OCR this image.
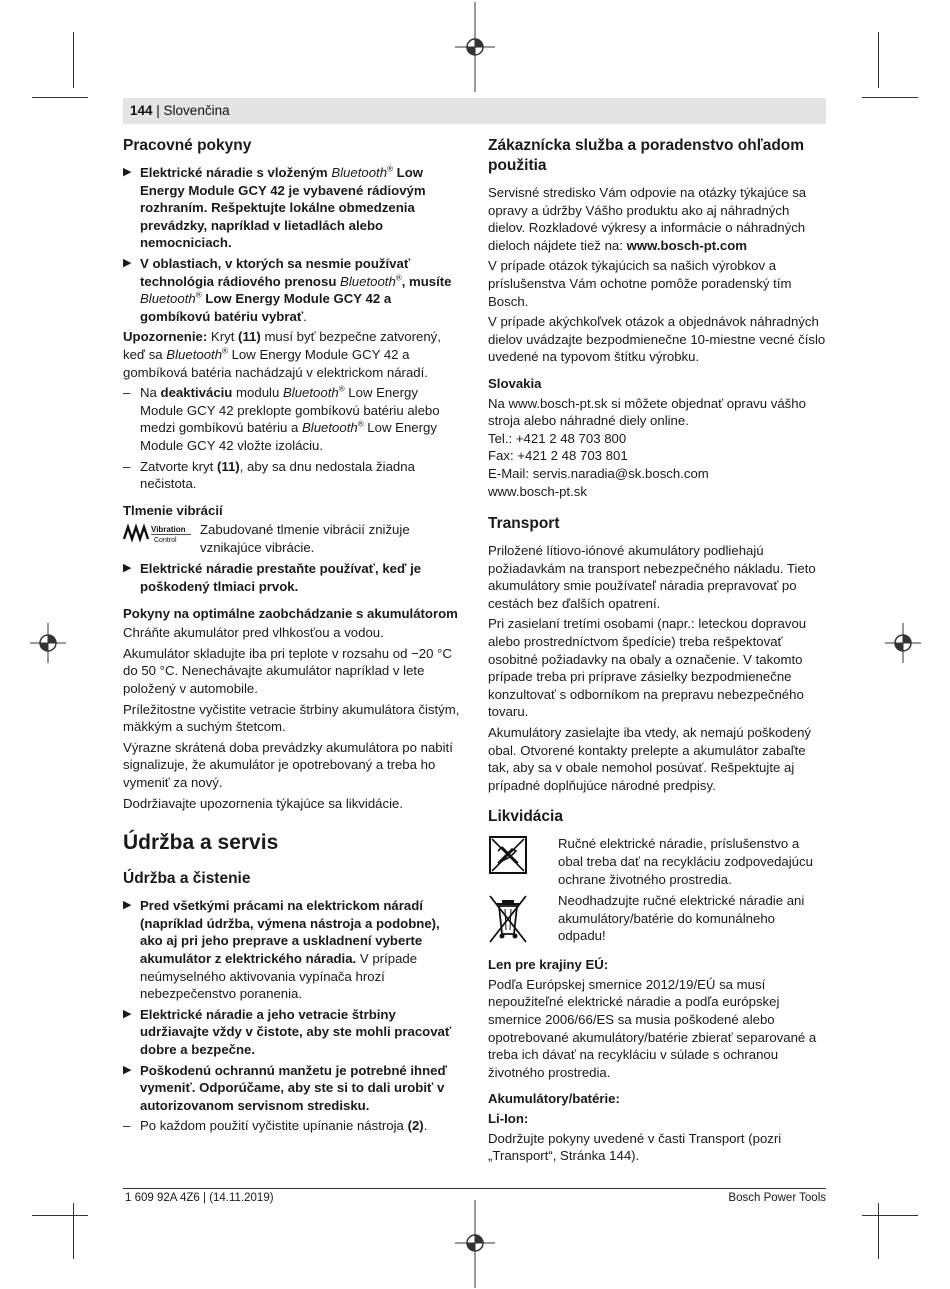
144 | Slovenčina
Pracovné pokyny
▶ Elektrické náradie s vloženým Bluetooth® Low Energy Module GCY 42 je vybavené rádiovým rozhraním. Rešpektujte lokálne obmedzenia prevádzky, napríklad v lietadlách alebo nemocniciach.
▶ V oblastiach, v ktorých sa nesmie používať technológia rádiového prenosu Bluetooth®, musíte Bluetooth® Low Energy Module GCY 42 a gombíkovú batériu vybrať.

Upozornenie: Kryt (11) musí byť bezpečne zatvorený, keď sa Bluetooth® Low Energy Module GCY 42 a gombíková batéria nachádzajú v elektrickom náradí.

– Na deaktiváciu modulu Bluetooth® Low Energy Module GCY 42 preklopte gombíkovú batériu alebo medzi gombíkovú batériu a Bluetooth® Low Energy Module GCY 42 vložte izoláciu.
– Zatvorte kryt (11), aby sa dnu nedostala žiadna nečistota.
Tlmenie vibrácií
Vibration
Control
Zabudované tlmenie vibrácií znižuje vznikajúce vibrácie.
▶ Elektrické náradie prestaňte používať, keď je poškodený tlmiaci prvok.
Pokyny na optimálne zaobchádzanie s akumulátorom

Chráňte akumulátor pred vlhkosťou a vodou.

Akumulátor skladujte iba pri teplote v rozsahu od −20 °C do 50 °C. Nenechávajte akumulátor napríklad v lete položený v automobile.

Príležitostne vyčistite vetracie štrbiny akumulátora čistým, mäkkým a suchým štetcom.

Výrazne skrátená doba prevádzky akumulátora po nabití signalizuje, že akumulátor je opotrebovaný a treba ho vymeniť za nový.

Dodržiavajte upozornenia týkajúce sa likvidácie.

Údržba a servis
Údržba a čistenie
▶ Pred všetkými prácami na elektrickom náradí (napríklad údržba, výmena nástroja a podobne), ako aj pri jeho preprave a uskladnení vyberte akumulátor z elektrického náradia. V prípade neúmyselného aktivovania vypínača hrozí nebezpečenstvo poranenia.
▶ Elektrické náradie a jeho vetracie štrbiny udržiavajte vždy v čistote, aby ste mohli pracovať dobre a bezpečne.
▶ Poškodenú ochrannú manžetu je potrebné ihneď vymeniť. Odporúčame, aby ste si to dali urobiť v autorizovanom servisnom stredisku.
– Po každom použití vyčistite upínanie nástroja (2).
Zákaznícka služba a poradenstvo ohľadom použitia

Servisné stredisko Vám odpovie na otázky týkajúce sa opravy a údržby Vášho produktu ako aj náhradných dielov. Rozkladové výkresy a informácie o náhradných dieloch nájdete tiež na: www.bosch-pt.com

V prípade otázok týkajúcich sa našich výrobkov a príslušenstva Vám ochotne pomôže poradenský tím Bosch.

V prípade akýchkoľvek otázok a objednávok náhradných dielov uvádzajte bezpodmienečne 10-miestne vecné číslo uvedené na typovom štítku výrobku.

Slovakia

Na www.bosch-pt.sk si môžete objednať opravu vášho stroja alebo náhradné diely online.

Tel.: +421 2 48 703 800
Fax: +421 2 48 703 801
E-Mail: servis.naradia@sk.bosch.com
www.bosch-pt.sk
Transport

Priložené lítiovo-iónové akumulátory podliehajú požiadavkám na transport nebezpečného nákladu. Tieto akumulátory smie používateľ náradia prepravovať po cestách bez ďalších opatrení.

Pri zasielaní tretími osobami (napr.: leteckou dopravou alebo prostredníctvom špedície) treba rešpektovať osobitné požiadavky na obaly a označenie. V takomto prípade treba pri príprave zásielky bezpodmienečne konzultovať s odborníkom na prepravu nebezpečného tovaru.

Akumulátory zasielajte iba vtedy, ak nemajú poškodený obal. Otvorené kontakty prelepte a akumulátor zabaľte tak, aby sa v obale nemohol posúvať. Rešpektujte aj prípadné doplňujúce národné predpisy.

Likvidácia
Ručné elektrické náradie, príslušenstvo a obal treba dať na recykláciu zodpovedajúcu ochrane životného prostredia.
Neodhadzujte ručné elektrické náradie ani akumulátory/batérie do komunálneho odpadu!
Len pre krajiny EÚ:

Podľa Európskej smernice 2012/19/EÚ sa musí nepoužiteľné elektrické náradie a podľa európskej smernice 2006/66/ES sa musia poškodené alebo opotrebované akumulátory/batérie zbierať separované a treba ich dávať na recykláciu v súlade s ochranou životného prostredia.

Akumulátory/batérie:
Li-Ion:

Dodržujte pokyny uvedené v časti Transport (pozri „Transport“, Stránka 144).

1 609 92A 4Z6 | (14.11.2019)	Bosch Power Tools
